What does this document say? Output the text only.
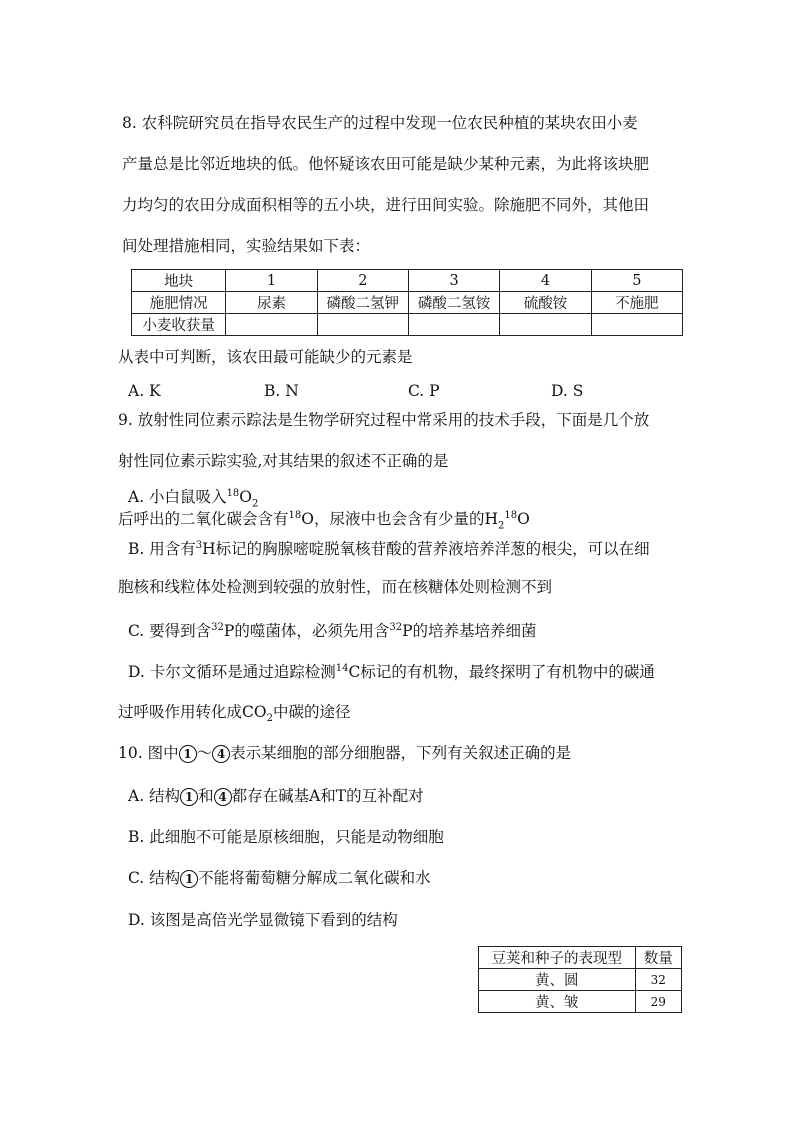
8. 农科院研究员在指导农民生产的过程中发现一位农民种植的某块农田小麦
产量总是比邻近地块的低。他怀疑该农田可能是缺少某种元素，为此将该块肥
力均匀的农田分成面积相等的五小块，进行田间实验。除施肥不同外，其他田
间处理措施相同，实验结果如下表：
地块	1	2	3	4	5
施肥情况	尿素	磷酸二氢钾	磷酸二氢铵	硫酸铵	不施肥
小麦收获量					
从表中可判断，该农田最可能缺少的元素是
A. K	B. N	C. P	D. S
9. 放射性同位素示踪法是生物学研究过程中常采用的技术手段，下面是几个放
射性同位素示踪实验,对其结果的叙述不正确的是
A. 小白鼠吸入$^{18}O_2$
后呼出的二氧化碳会含有$^{18}$O，尿液中也会含有少量的$H_2^{18}O$
B. 用含有$^3$H标记的胸腺嘧啶脱氧核苷酸的营养液培养洋葱的根尖，可以在细
胞核和线粒体处检测到较强的放射性，而在核糖体处则检测不到
C. 要得到含$^{32}$P的噬菌体，必须先用含$^{32}$P的培养基培养细菌
D. 卡尔文循环是通过追踪检测$^{14}$C标记的有机物，最终探明了有机物中的碳通
过呼吸作用转化成$CO_2$中碳的途径
10. 图中 1 ～ 4 表示某细胞的部分细胞器，下列有关叙述正确的是
A. 结构 1 和 4 都存在碱基A和T的互补配对
B. 此细胞不可能是原核细胞，只能是动物细胞
C. 结构 1 不能将葡萄糖分解成二氧化碳和水
D. 该图是高倍光学显微镜下看到的结构
豆荚和种子的表现型	数量
黄、圆	32
黄、皱	29
